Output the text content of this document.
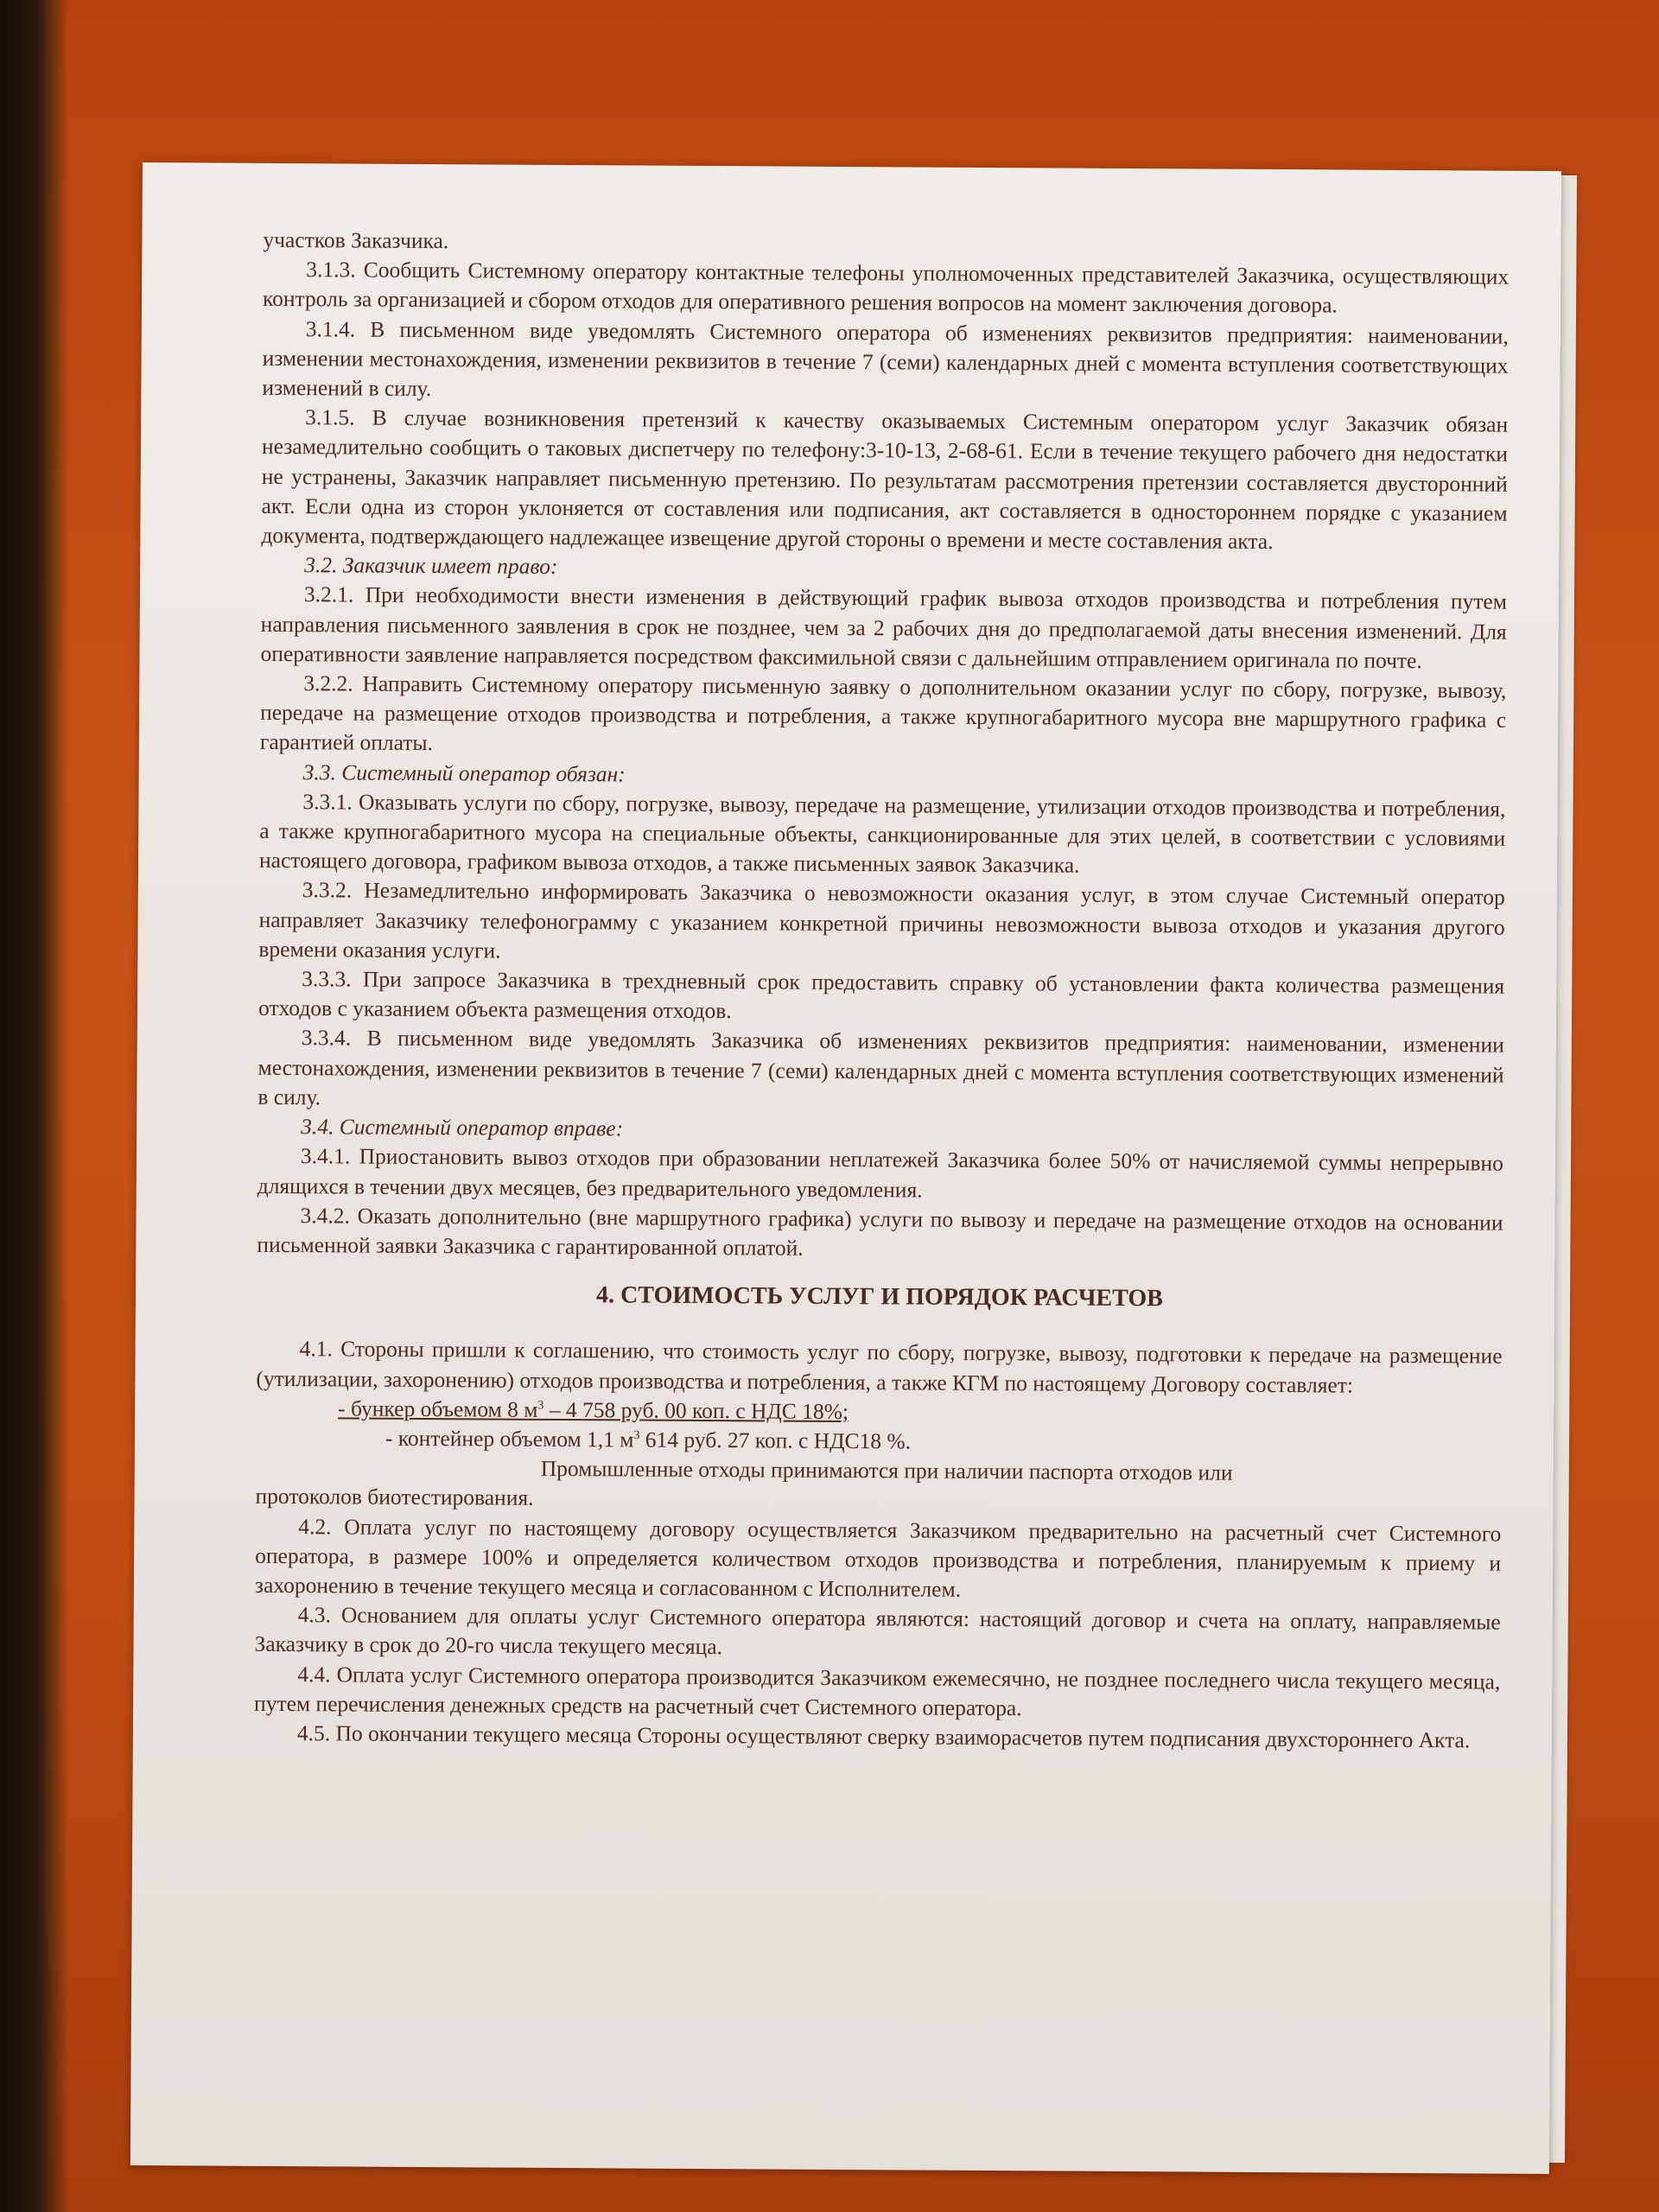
участков Заказчика.

3.1.3. Сообщить Системному оператору контактные телефоны уполномоченных представителей Заказчика, осуществляющих контроль за организацией и сбором отходов для оперативного решения вопросов на момент заключения договора.

3.1.4. В письменном виде уведомлять Системного оператора об изменениях реквизитов предприятия: наименовании, изменении местонахождения, изменении реквизитов в течение 7 (семи) календарных дней с момента вступления соответствующих изменений в силу.

3.1.5. В случае возникновения претензий к качеству оказываемых Системным оператором услуг Заказчик обязан незамедлительно сообщить о таковых диспетчеру по телефону:3-10-13, 2-68-61. Если в течение текущего рабочего дня недостатки не устранены, Заказчик направляет письменную претензию. По результатам рассмотрения претензии составляется двусторонний акт. Если одна из сторон уклоняется от составления или подписания, акт составляется в одностороннем порядке с указанием документа, подтверждающего надлежащее извещение другой стороны о времени и месте составления акта.

3.2. Заказчик имеет право:

3.2.1. При необходимости внести изменения в действующий график вывоза отходов производства и потребления путем направления письменного заявления в срок не позднее, чем за 2 рабочих дня до предполагаемой даты внесения изменений. Для оперативности заявление направляется посредством факсимильной связи с дальнейшим отправлением оригинала по почте.

3.2.2. Направить Системному оператору письменную заявку о дополнительном оказании услуг по сбору, погрузке, вывозу, передаче на размещение отходов производства и потребления, а также крупногабаритного мусора вне маршрутного графика с гарантией оплаты.

3.3. Системный оператор обязан:

3.3.1. Оказывать услуги по сбору, погрузке, вывозу, передаче на размещение, утилизации отходов производства и потребления, а также крупногабаритного мусора на специальные объекты, санкционированные для этих целей, в соответствии с условиями настоящего договора, графиком вывоза отходов, а также письменных заявок Заказчика.

3.3.2. Незамедлительно информировать Заказчика о невозможности оказания услуг, в этом случае Системный оператор направляет Заказчику телефонограмму с указанием конкретной причины невозможности вывоза отходов и указания другого времени оказания услуги.

3.3.3. При запросе Заказчика в трехдневный срок предоставить справку об установлении факта количества размещения отходов с указанием объекта размещения отходов.

3.3.4. В письменном виде уведомлять Заказчика об изменениях реквизитов предприятия: наименовании, изменении местонахождения, изменении реквизитов в течение 7 (семи) календарных дней с момента вступления соответствующих изменений в силу.

3.4. Системный оператор вправе:

3.4.1. Приостановить вывоз отходов при образовании неплатежей Заказчика более 50% от начисляемой суммы непрерывно длящихся в течении двух месяцев, без предварительного уведомления.

3.4.2. Оказать дополнительно (вне маршрутного графика) услуги по вывозу и передаче на размещение отходов на основании письменной заявки Заказчика с гарантированной оплатой.

4. СТОИМОСТЬ УСЛУГ И ПОРЯДОК РАСЧЕТОВ

4.1. Стороны пришли к соглашению, что стоимость услуг по сбору, погрузке, вывозу, подготовки к передаче на размещение (утилизации, захоронению) отходов производства и потребления, а также КГМ по настоящему Договору составляет:

- бункер объемом 8 $м^3 - 4$ 758 руб. 00 коп. с НДС 18%;

- контейнер объемом 1,1 $м^3$ 614 руб. 27 коп. с НДС18 %.

Промышленные отходы принимаются при наличии паспорта отходов или

протоколов биотестирования.

4.2. Оплата услуг по настоящему договору осуществляется Заказчиком предварительно на расчетный счет Системного оператора, в размере 100% и определяется количеством отходов производства и потребления, планируемым к приему и захоронению в течение текущего месяца и согласованном с Исполнителем.

4.3. Основанием для оплаты услуг Системного оператора являются: настоящий договор и счета на оплату, направляемые Заказчику в срок до 20-го числа текущего месяца.

4.4. Оплата услуг Системного оператора производится Заказчиком ежемесячно, не позднее последнего числа текущего месяца, путем перечисления денежных средств на расчетный счет Системного оператора.

4.5. По окончании текущего месяца Стороны осуществляют сверку взаиморасчетов путем подписания двухстороннего Акта.
